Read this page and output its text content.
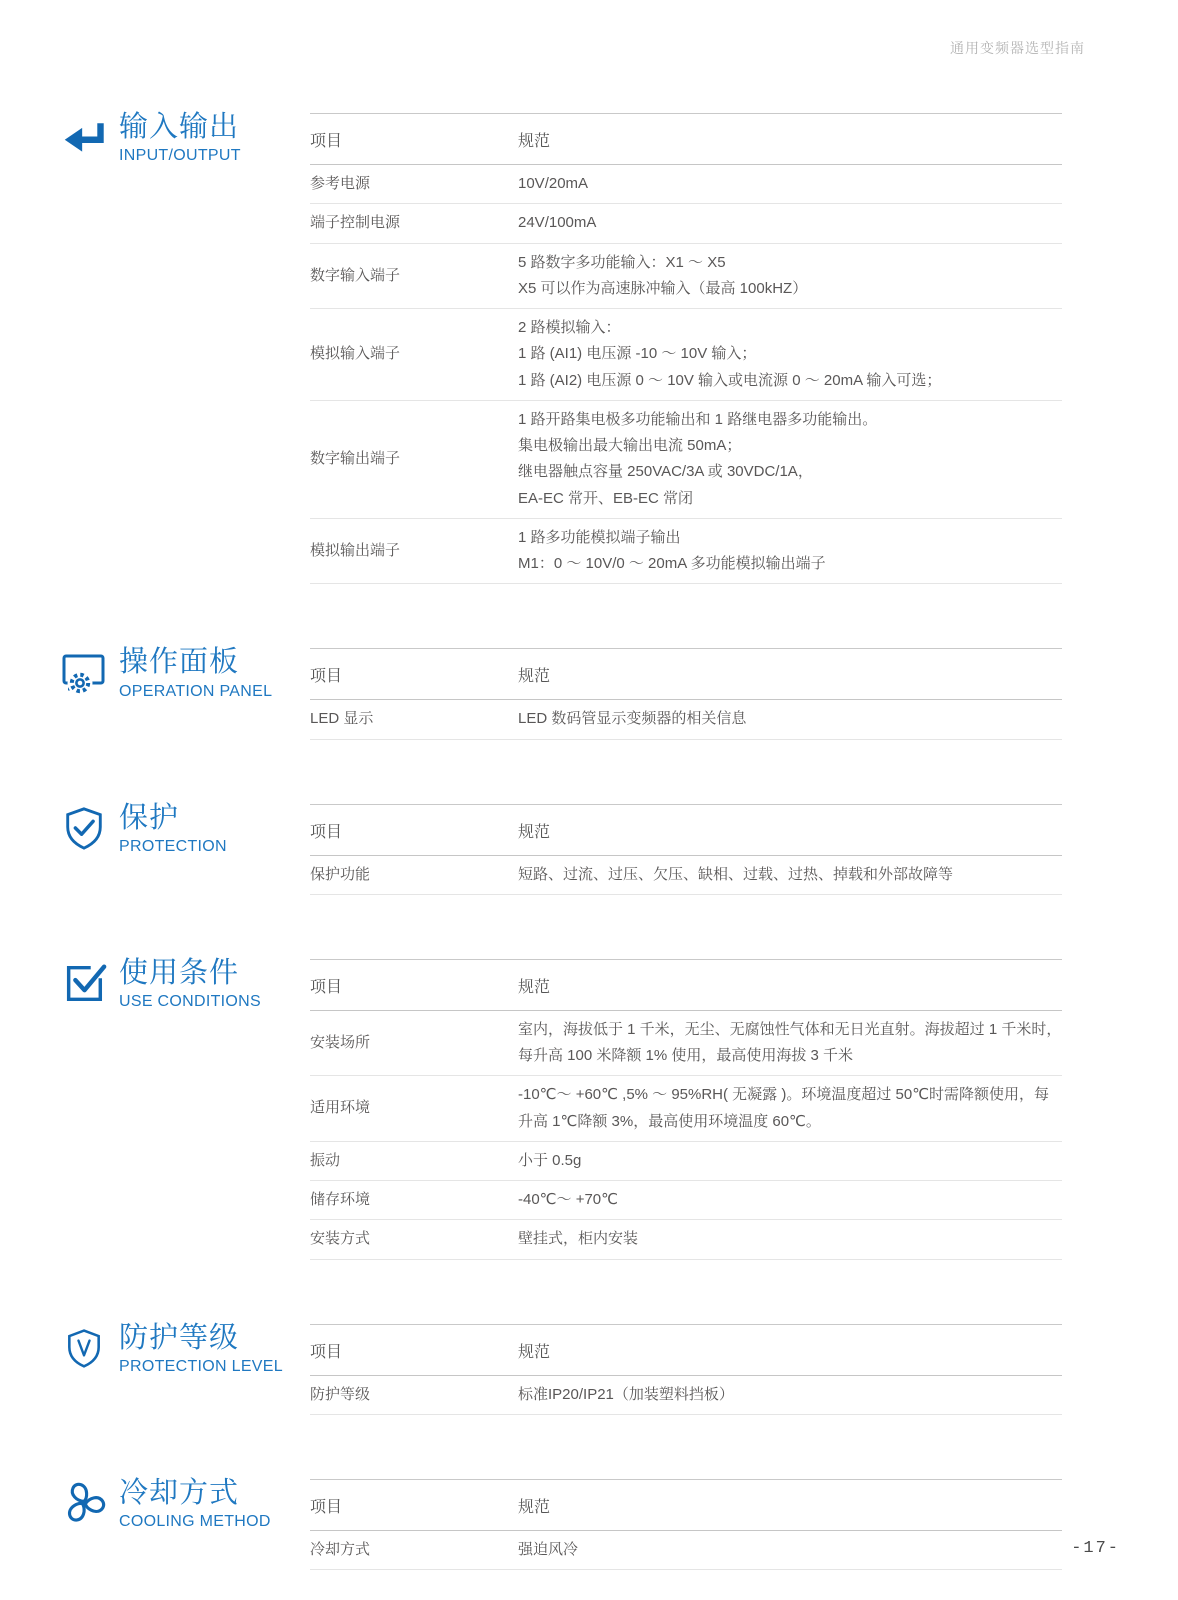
通用变频器选型指南
输入输出
INPUT/OUTPUT
项目	规范
参考电源	10V/20mA

端子控制电源	24V/100mA

数字输入端子	5 路数字多功能输入：X1 ～ X5
X5 可以作为高速脉冲输入（最高 100kHZ）

模拟输入端子	2 路模拟输入：
1 路 (AI1) 电压源 -10 ～ 10V 输入；
1 路 (AI2) 电压源 0 ～ 10V 输入或电流源 0 ～ 20mA 输入可选；

数字输出端子	1 路开路集电极多功能输出和 1 路继电器多功能输出。
集电极输出最大输出电流 50mA；
继电器触点容量 250VAC/3A 或 30VDC/1A，
EA-EC 常开、EB-EC 常闭

模拟输出端子	1 路多功能模拟端子输出
M1：0 ～ 10V/0 ～ 20mA 多功能模拟输出端子
操作面板
OPERATION PANEL
项目	规范
LED 显示	LED 数码管显示变频器的相关信息
保护
PROTECTION
项目	规范
保护功能	短路、过流、过压、欠压、缺相、过载、过热、掉载和外部故障等
使用条件
USE CONDITIONS
项目	规范
安装场所	室内，海拔低于 1 千米，无尘、无腐蚀性气体和无日光直射。海拔超过 1 千米时，每升高 100 米降额 1% 使用，最高使用海拔 3 千米

适用环境	-10℃～ +60℃ ,5% ～ 95%RH( 无凝露 )。环境温度超过 50℃时需降额使用，每升高 1℃降额 3%，最高使用环境温度 60℃。

振动	小于 0.5g

储存环境	-40℃～ +70℃

安装方式	壁挂式，柜内安装
防护等级
PROTECTION LEVEL
项目	规范
防护等级	标准IP20/IP21（加装塑料挡板）
冷却方式
COOLING METHOD
项目	规范
冷却方式	强迫风冷	-17-
